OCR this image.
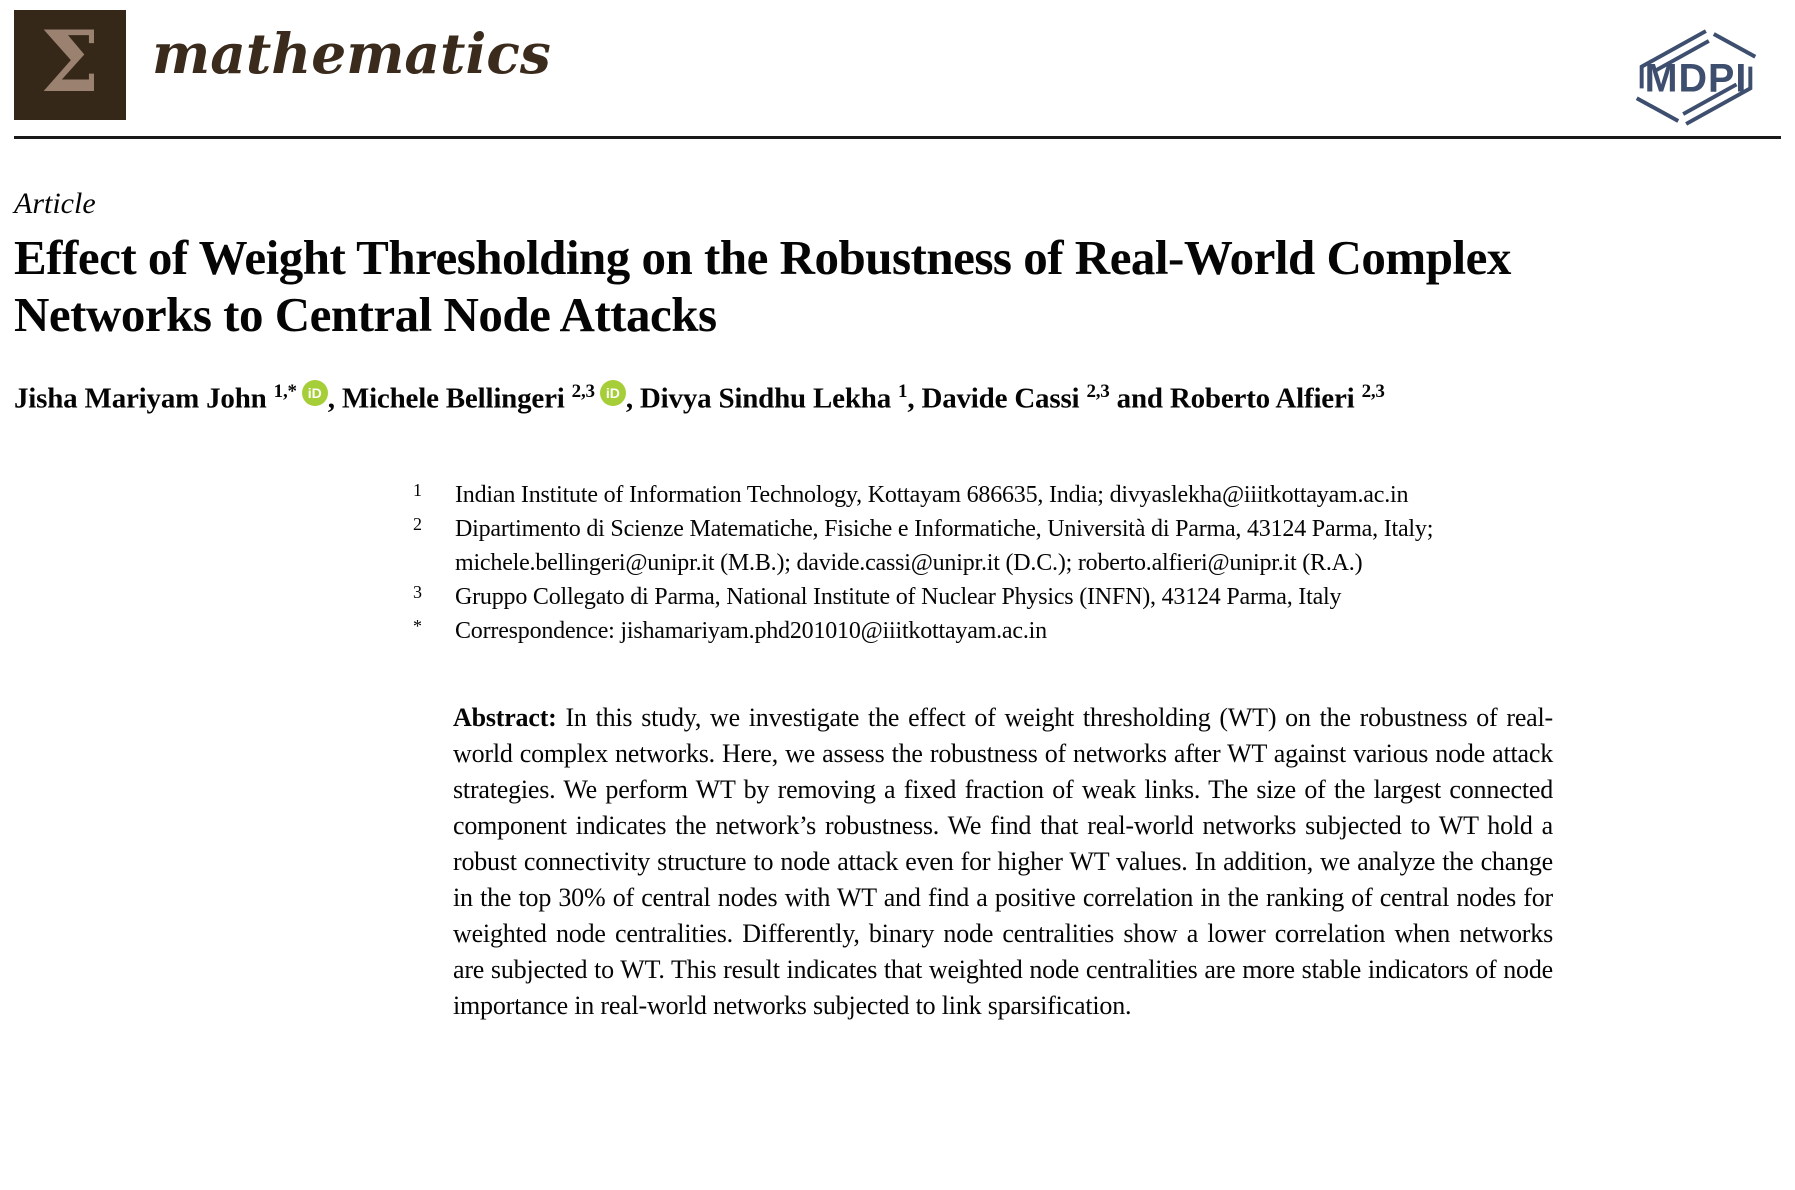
Σ mathematics	MDPI
Article
Effect of Weight Thresholding on the Robustness of Real-World Complex Networks to Central Node Attacks
Jisha Mariyam John $^{1,*}$ iD , Michele Bellingeri $^{2,3}$ iD , Divya Sindhu Lekha $^1$, Davide Cassi $^{2,3}$ and Roberto Alfieri $^{2,3}$
1	Indian Institute of Information Technology, Kottayam 686635, India; divyaslekha@iiitkottayam.ac.in
2	Dipartimento di Scienze Matematiche, Fisiche e Informatiche, Università di Parma, 43124 Parma, Italy; michele.bellingeri@unipr.it (M.B.); davide.cassi@unipr.it (D.C.); roberto.alfieri@unipr.it (R.A.)
3	Gruppo Collegato di Parma, National Institute of Nuclear Physics (INFN), 43124 Parma, Italy
*	Correspondence: jishamariyam.phd201010@iiitkottayam.ac.in

Abstract: In this study, we investigate the effect of weight thresholding (WT) on the robustness of real-world complex networks. Here, we assess the robustness of networks after WT against various node attack strategies. We perform WT by removing a fixed fraction of weak links. The size of the largest connected component indicates the network’s robustness. We find that real-world networks subjected to WT hold a robust connectivity structure to node attack even for higher WT values. In addition, we analyze the change in the top 30% of central nodes with WT and find a positive correlation in the ranking of central nodes for weighted node centralities. Differently, binary node centralities show a lower correlation when networks are subjected to WT. This result indicates that weighted node centralities are more stable indicators of node importance in real-world networks subjected to link sparsification.
